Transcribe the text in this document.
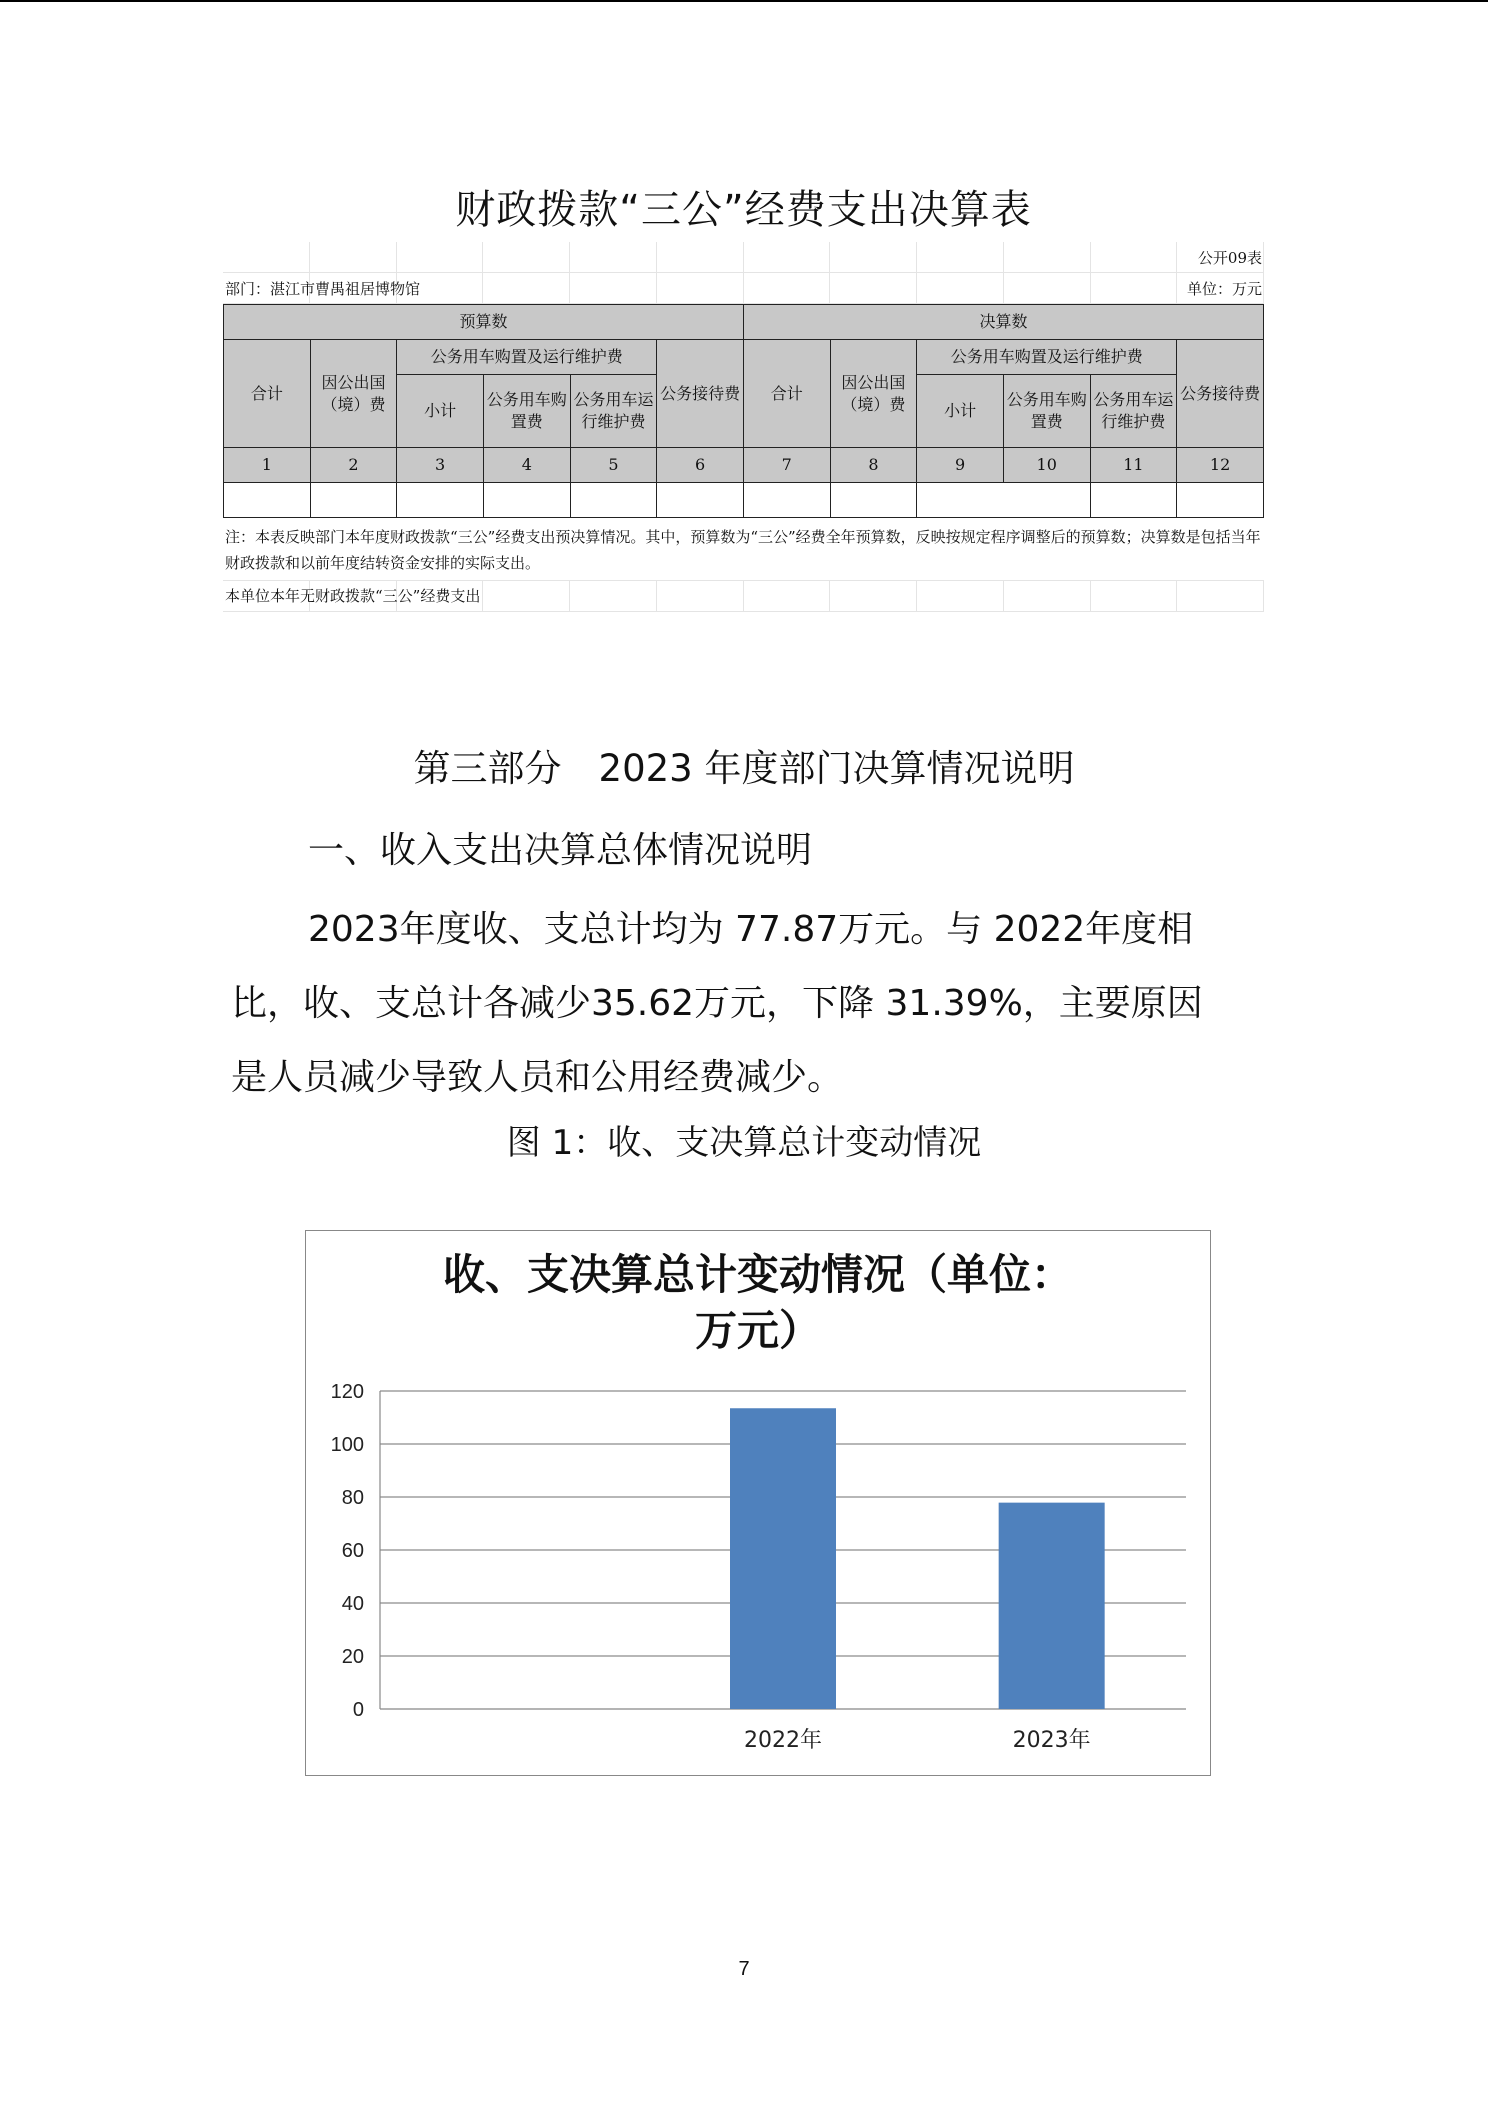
财政拨款“三公”经费支出决算表
公开09表
部门：湛江市曹禺祖居博物馆	单位：万元
预算数						决算数					
合计	因公出国（境）费	公务用车购置及运行维护费			公务接待费	合计	因公出国（境）费	公务用车购置及运行维护费			公务接待费
		小计	公务用车购置费	公务用车运行维护费				小计	公务用车购置费	公务用车运行维护费	
1	2	3	4	5	6	7	8	9	10	11	12

注：本表反映部门本年度财政拨款“三公”经费支出预决算情况。其中，预算数为“三公”经费全年预算数，反映按规定程序调整后的预算数；决算数是包括当年财政拨款和以前年度结转资金安排的实际支出。
本单位本年无财政拨款“三公”经费支出
第三部分　2023 年度部门决算情况说明
一、收入支出决算总体情况说明
2023年度收、支总计均为 77.87万元。与 2022年度相比，收、支总计各减少35.62万元，下降 31.39%，主要原因是人员减少导致人员和公用经费减少。
图 1：收、支决算总计变动情况
收、支决算总计变动情况（单位：
万元）
0
20
40
60
80
100
120
2022年	2023年
7
